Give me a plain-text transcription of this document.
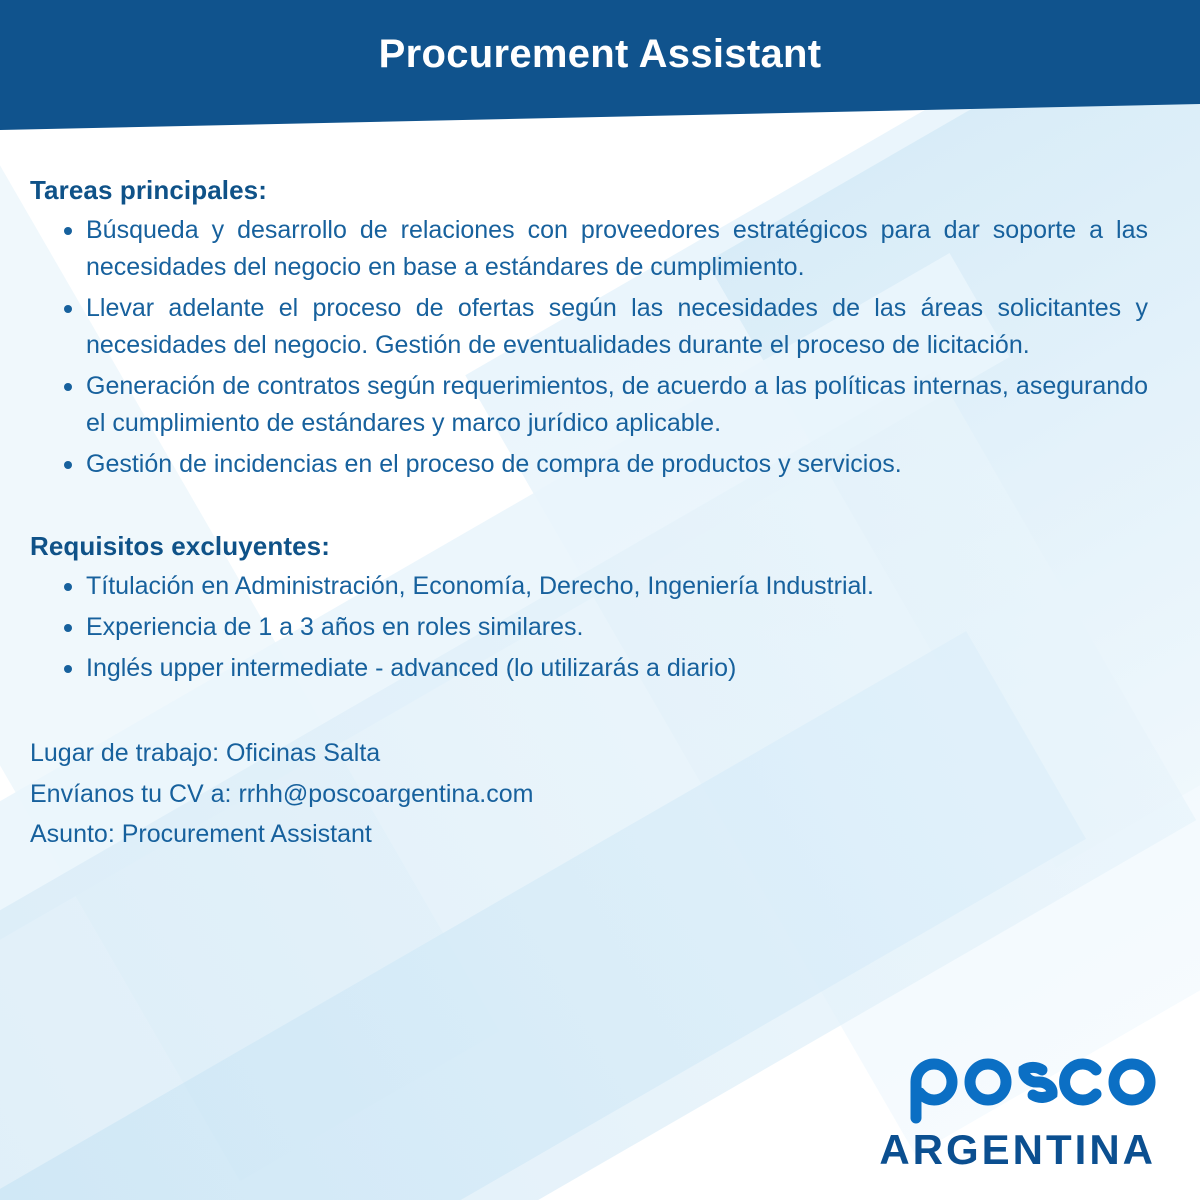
Procurement Assistant
Tareas principales:
Búsqueda y desarrollo de relaciones con proveedores estratégicos para dar soporte a las necesidades del negocio en base a estándares de cumplimiento.
Llevar adelante el proceso de ofertas según las necesidades de las áreas solicitantes y necesidades del negocio. Gestión de eventualidades durante el proceso de licitación.
Generación de contratos según requerimientos, de acuerdo a las políticas internas, asegurando el cumplimiento de estándares y marco jurídico aplicable.
Gestión de incidencias en el proceso de compra de productos y servicios.
Requisitos excluyentes:
Títulación en Administración, Economía, Derecho, Ingeniería Industrial.
Experiencia de 1 a 3 años en roles similares.
Inglés upper intermediate - advanced (lo utilizarás a diario)
Lugar de trabajo: Oficinas Salta
Envíanos tu CV a: rrhh@poscoargentina.com
Asunto: Procurement Assistant
ARGENTINA
